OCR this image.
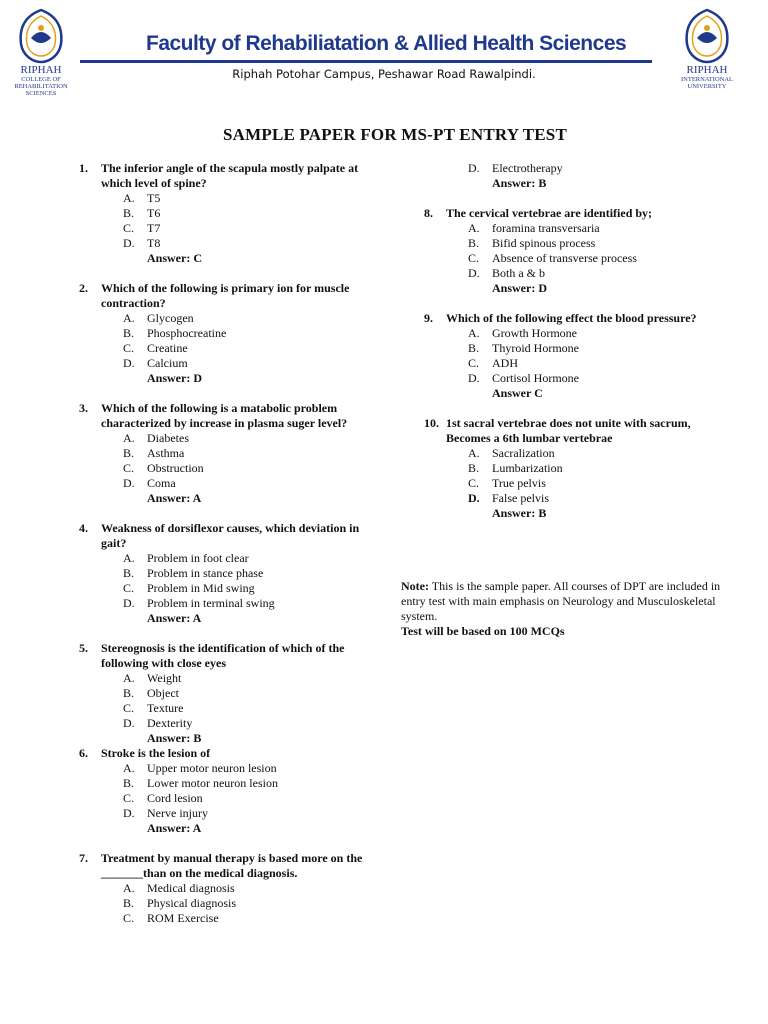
RIPHAH
COLLEGE OF REHABILITATION SCIENCES
Faculty of Rehabiliatation & Allied Health Sciences
Riphah Potohar Campus, Peshawar Road Rawalpindi.	RIPHAH
INTERNATIONAL UNIVERSITY
SAMPLE PAPER FOR MS-PT ENTRY TEST
1.	The inferior angle of the scapula mostly palpate at which level of spine?
A.	T5
B.	T6
C.	T7
D.	T8
Answer: C
2.	Which of the following is primary ion for muscle contraction?
A.	Glycogen
B.	Phosphocreatine
C.	Creatine
D.	Calcium
Answer: D
3.	Which of the following is a matabolic problem characterized by increase in plasma suger level?
A.	Diabetes
B.	Asthma
C.	Obstruction
D.	Coma
Answer: A
4.	Weakness of dorsiflexor causes, which deviation in gait?
A.	Problem in foot clear
B.	Problem in stance phase
C.	Problem in Mid swing
D.	Problem in terminal swing
Answer: A
5.	Stereognosis is the identification of which of the following with close eyes
A.	Weight
B.	Object
C.	Texture
D.	Dexterity
Answer: B
6.	Stroke is the lesion of
A.	Upper motor neuron lesion
B.	Lower motor neuron lesion
C.	Cord lesion
D.	Nerve injury
Answer: A
7.	Treatment by manual therapy is based more on the _______than on the medical diagnosis.
A.	Medical diagnosis
B.	Physical diagnosis
C.	ROM Exercise
D.	Electrotherapy
Answer: B
8.	The cervical vertebrae are identified by;
A.	foramina transversaria
B.	Bifid spinous process
C.	Absence of transverse process
D.	Both a & b
Answer: D
9.	Which of the following effect the blood pressure?
A.	Growth Hormone
B.	Thyroid Hormone
C.	ADH
D.	Cortisol Hormone
Answer C
10. 1st sacral vertebrae does not unite with sacrum, Becomes a 6th lumbar vertebrae
A.	Sacralization
B.	Lumbarization
C.	True pelvis
D.	False pelvis
Answer: B
Note: This is the sample paper. All courses of DPT are included in entry test with main emphasis on Neurology and Musculoskeletal system.
Test will be based on 100 MCQs
